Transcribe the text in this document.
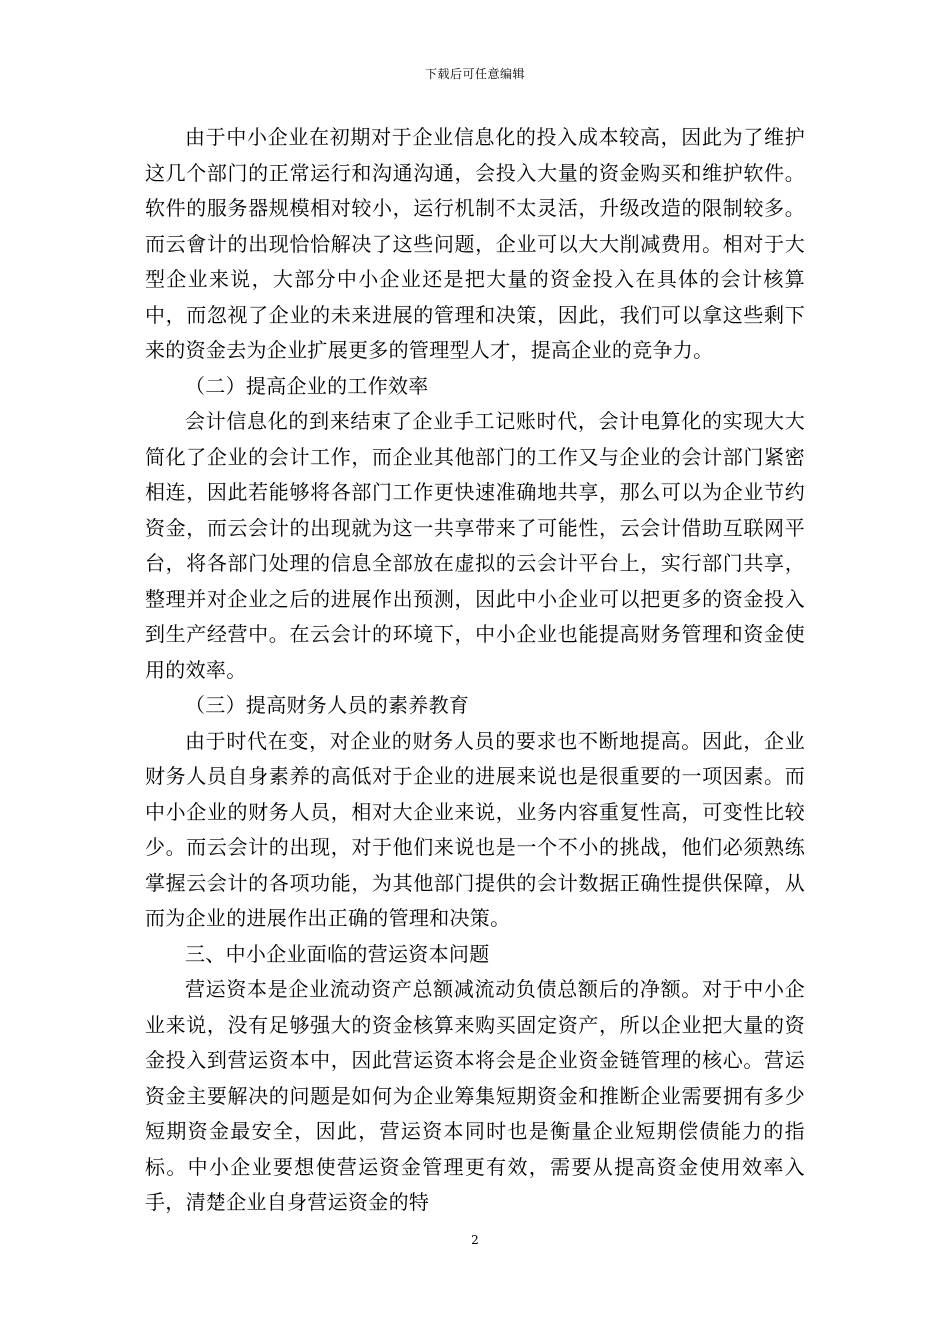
下载后可任意编辑

由于中小企业在初期对于企业信息化的投入成本较高，因此为了维护这几个部门的正常运行和沟通沟通，会投入大量的资金购买和维护软件。软件的服务器规模相对较小，运行机制不太灵活，升级改造的限制较多。而云會计的出现恰恰解决了这些问题，企业可以大大削减费用。相对于大型企业来说，大部分中小企业还是把大量的资金投入在具体的会计核算中，而忽视了企业的未来进展的管理和决策，因此，我们可以拿这些剩下来的资金去为企业扩展更多的管理型人才，提高企业的竞争力。

（二）提高企业的工作效率

会计信息化的到来结束了企业手工记账时代，会计电算化的实现大大简化了企业的会计工作，而企业其他部门的工作又与企业的会计部门紧密相连，因此若能够将各部门工作更快速准确地共享，那么可以为企业节约资金，而云会计的出现就为这一共享带来了可能性，云会计借助互联网平台，将各部门处理的信息全部放在虚拟的云会计平台上，实行部门共享，整理并对企业之后的进展作出预测，因此中小企业可以把更多的资金投入到生产经营中。在云会计的环境下，中小企业也能提高财务管理和资金使用的效率。

（三）提高财务人员的素养教育

由于时代在变，对企业的财务人员的要求也不断地提高。因此，企业财务人员自身素养的高低对于企业的进展来说也是很重要的一项因素。而中小企业的财务人员，相对大企业来说，业务内容重复性高，可变性比较少。而云会计的出现，对于他们来说也是一个不小的挑战，他们必须熟练掌握云会计的各项功能，为其他部门提供的会计数据正确性提供保障，从而为企业的进展作出正确的管理和决策。

三、中小企业面临的营运资本问题

营运资本是企业流动资产总额减流动负债总额后的净额。对于中小企业来说，没有足够强大的资金核算来购买固定资产，所以企业把大量的资金投入到营运资本中，因此营运资本将会是企业资金链管理的核心。营运资金主要解决的问题是如何为企业筹集短期资金和推断企业需要拥有多少短期资金最安全，因此，营运资本同时也是衡量企业短期偿债能力的指标。中小企业要想使营运资金管理更有效，需要从提高资金使用效率入手，清楚企业自身营运资金的特

2
